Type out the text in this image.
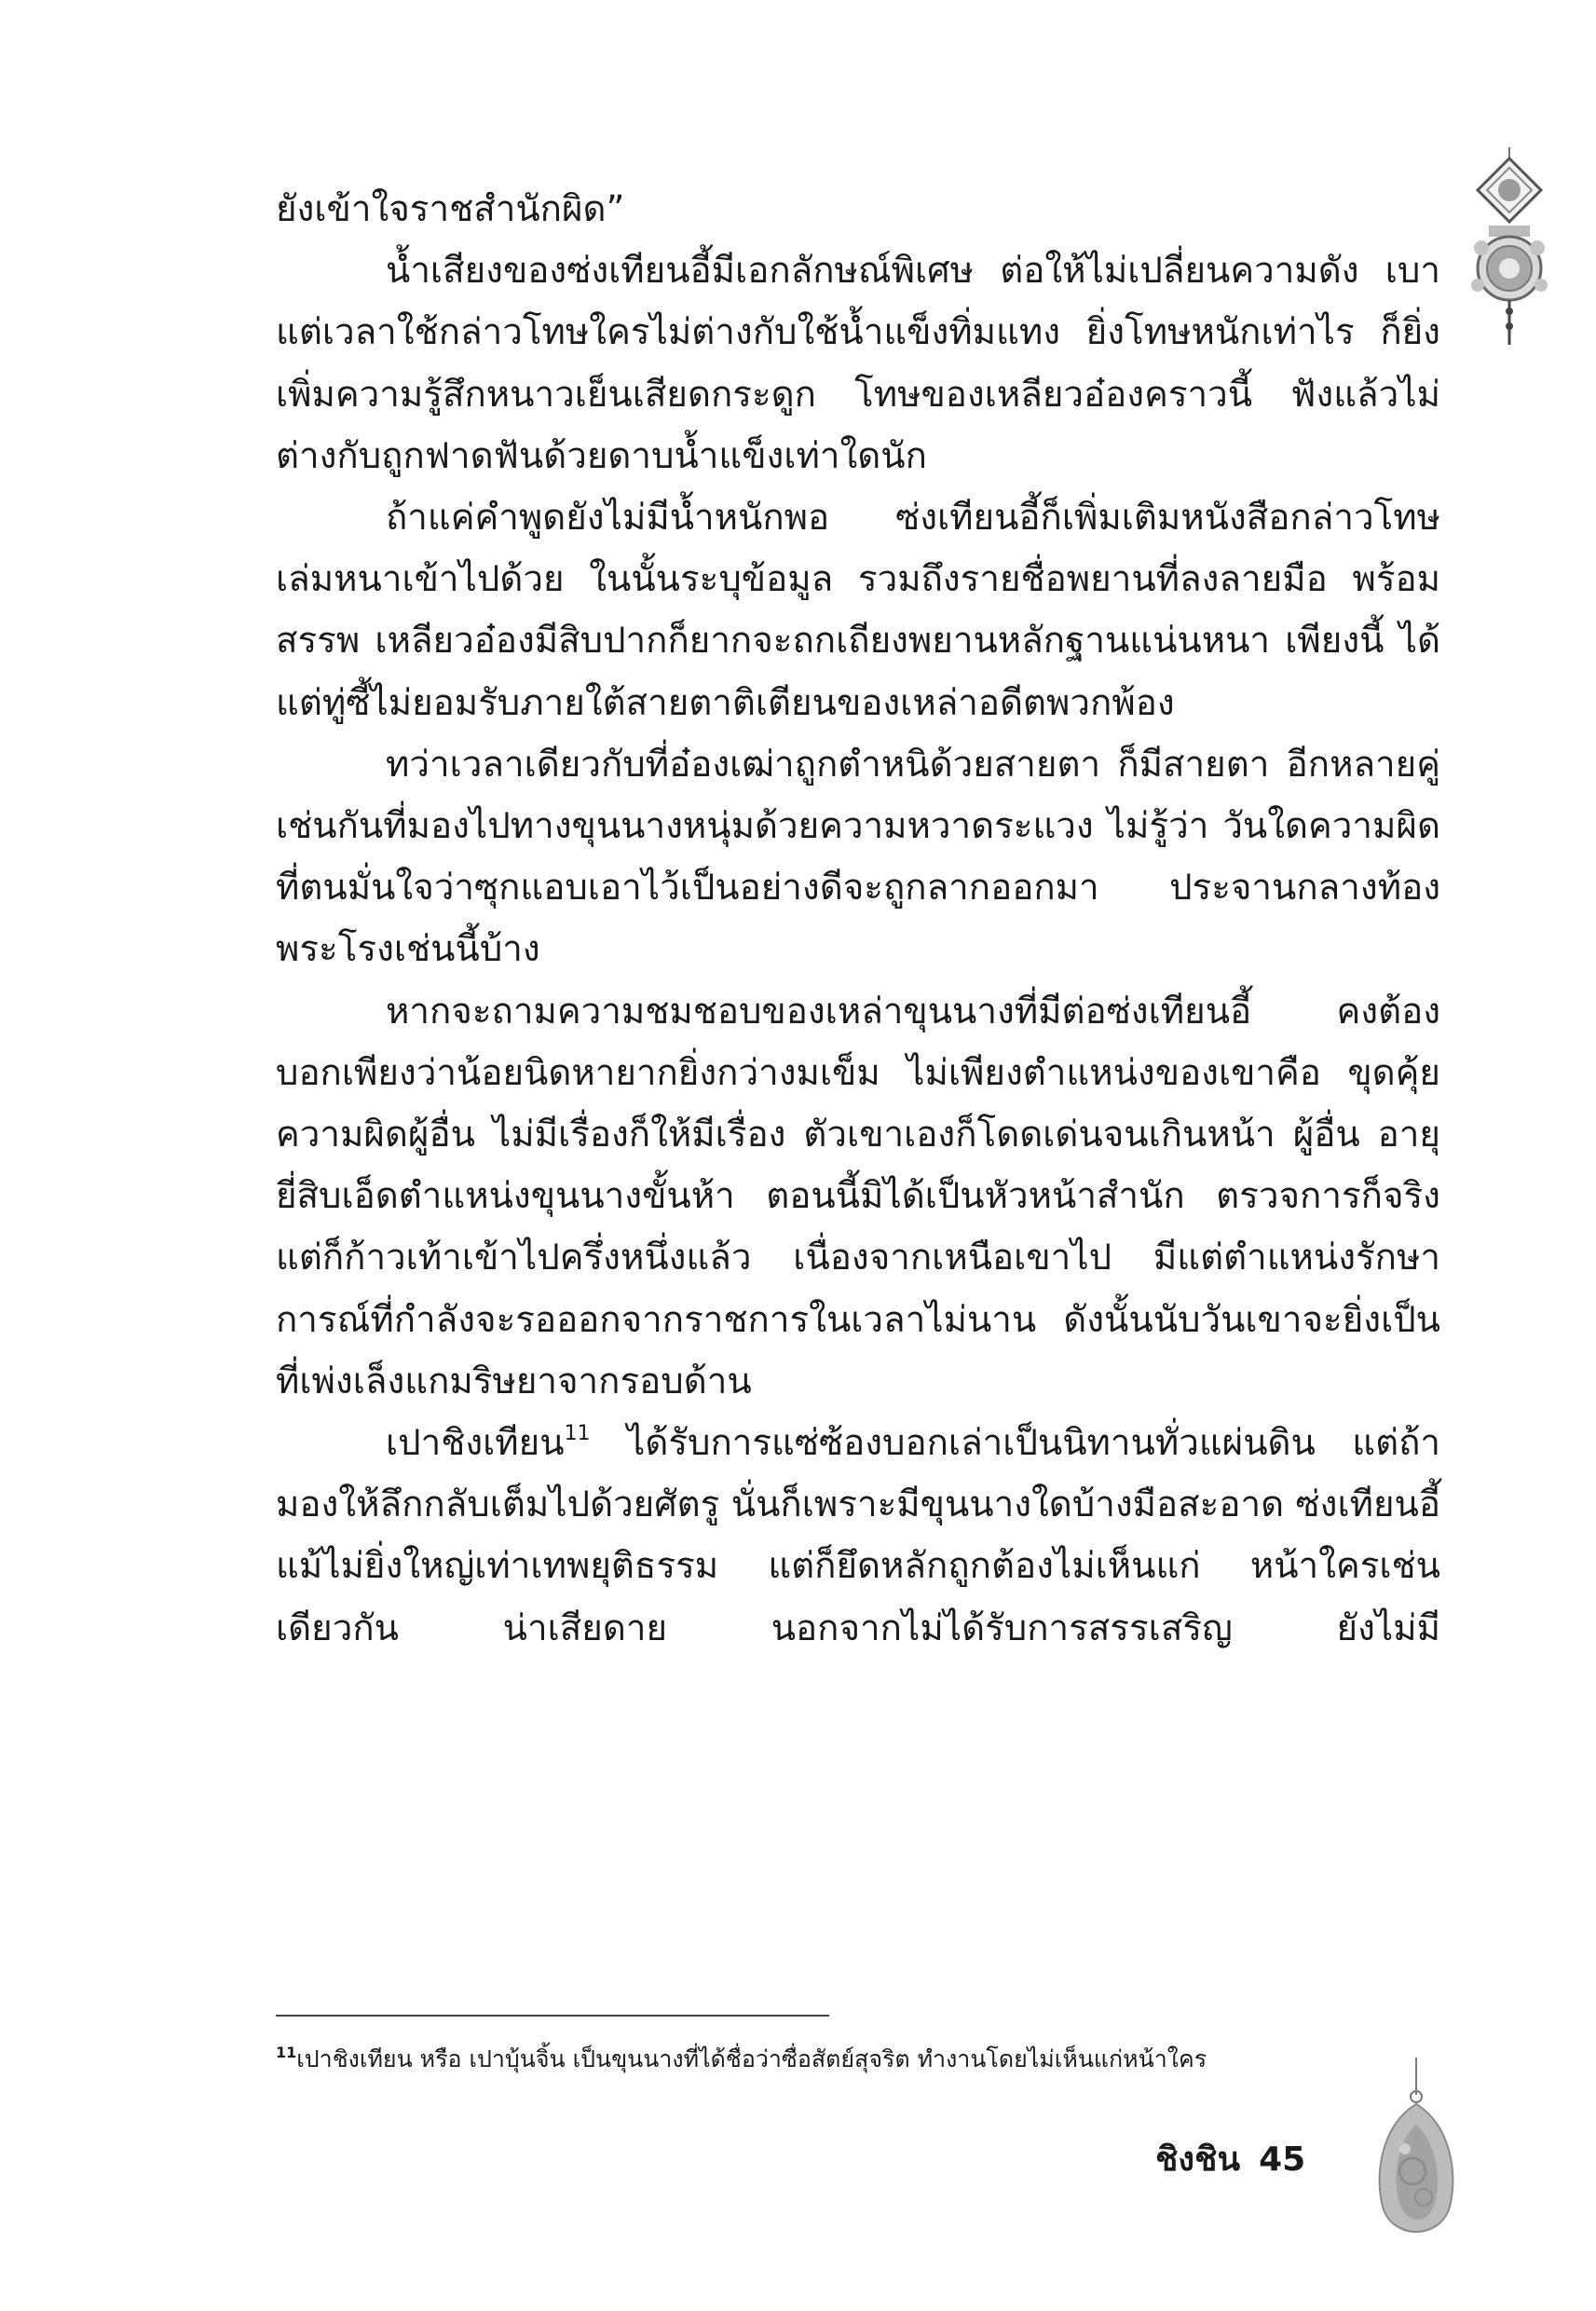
ยังเข้าใจราชสำนักผิด”

น้ำเสียงของซ่งเทียนอี้มีเอกลักษณ์พิเศษ ต่อให้ไม่เปลี่ยนความดัง เบา แต่เวลาใช้กล่าวโทษใครไม่ต่างกับใช้น้ำแข็งทิ่มแทง ยิ่งโทษหนักเท่าไร ก็ยิ่งเพิ่มความรู้สึกหนาวเย็นเสียดกระดูก โทษของเหลียวอ๋องคราวนี้ ฟังแล้วไม่ต่างกับถูกฟาดฟันด้วยดาบน้ำแข็งเท่าใดนัก

ถ้าแค่คำพูดยังไม่มีน้ำหนักพอ ซ่งเทียนอี้ก็เพิ่มเติมหนังสือกล่าวโทษ เล่มหนาเข้าไปด้วย ในนั้นระบุข้อมูล รวมถึงรายชื่อพยานที่ลงลายมือ พร้อมสรรพ เหลียวอ๋องมีสิบปากก็ยากจะถกเถียงพยานหลักฐานแน่นหนา เพียงนี้ ได้แต่ทู่ซี้ไม่ยอมรับภายใต้สายตาติเตียนของเหล่าอดีตพวกพ้อง

ทว่าเวลาเดียวกับที่อ๋องเฒ่าถูกตำหนิด้วยสายตา ก็มีสายตา อีกหลายคู่เช่นกันที่มองไปทางขุนนางหนุ่มด้วยความหวาดระแวง ไม่รู้ว่า วันใดความผิดที่ตนมั่นใจว่าซุกแอบเอาไว้เป็นอย่างดีจะถูกลากออกมา ประจานกลางท้องพระโรงเช่นนี้บ้าง

หากจะถามความชมชอบของเหล่าขุนนางที่มีต่อซ่งเทียนอี้ คงต้อง บอกเพียงว่าน้อยนิดหายากยิ่งกว่างมเข็ม ไม่เพียงตำแหน่งของเขาคือ ขุดคุ้ยความผิดผู้อื่น ไม่มีเรื่องก็ให้มีเรื่อง ตัวเขาเองก็โดดเด่นจนเกินหน้า ผู้อื่น อายุยี่สิบเอ็ดตำแหน่งขุนนางขั้นห้า ตอนนี้มิได้เป็นหัวหน้าสำนัก ตรวจการก็จริง แต่ก็ก้าวเท้าเข้าไปครึ่งหนึ่งแล้ว เนื่องจากเหนือเขาไป มีแต่ตำแหน่งรักษาการณ์ที่กำลังจะรอออกจากราชการในเวลาไม่นาน ดังนั้นนับวันเขาจะยิ่งเป็นที่เพ่งเล็งแกมริษยาจากรอบด้าน

เปาชิงเทียน$^{11}$ ได้รับการแซ่ซ้องบอกเล่าเป็นนิทานทั่วแผ่นดิน แต่ถ้า มองให้ลึกกลับเต็มไปด้วยศัตรู นั่นก็เพราะมีขุนนางใดบ้างมือสะอาด ซ่งเทียนอี้แม้ไม่ยิ่งใหญ่เท่าเทพยุติธรรม แต่ก็ยึดหลักถูกต้องไม่เห็นแก่ หน้าใครเช่นเดียวกัน น่าเสียดาย นอกจากไม่ได้รับการสรรเสริญ ยังไม่มี

$^{11}$เปาชิงเทียน หรือ เปาบุ้นจิ้น เป็นขุนนางที่ได้ชื่อว่าซื่อสัตย์สุจริต ทำงานโดยไม่เห็นแก่หน้าใคร
ชิงชิน 45
